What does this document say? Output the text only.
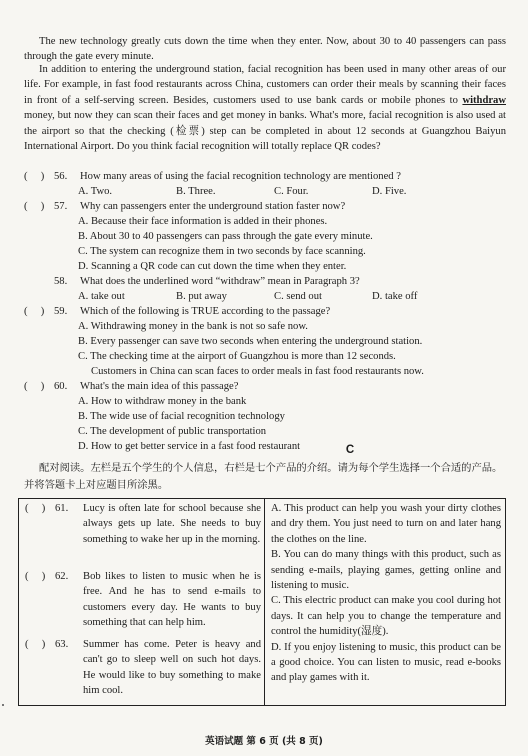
The new technology greatly cuts down the time when they enter. Now, about 30 to 40 passengers can pass through the gate every minute.

In addition to entering the underground station, facial recognition has been used in many other areas of our life. For example, in fast food restaurants across China, customers can order their meals by scanning their faces in front of a self-serving screen. Besides, customers used to use bank cards or mobile phones to withdraw money, but now they can scan their faces and get money in banks. What's more, facial recognition is also used at the airport so that the checking (检票) step can be completed in about 12 seconds at Guangzhou Baiyun International Airport. Do you think facial recognition will totally replace QR codes?

(　 ) 56. How many areas of using the facial recognition technology are mentioned ?
A. Two.	B. Three.	C. Four.	D. Five.
(　 ) 57. Why can passengers enter the underground station faster now?
A. Because their face information is added in their phones.
B. About 30 to 40 passengers can pass through the gate every minute.
C. The system can recognize them in two seconds by face scanning.
D. Scanning a QR code can cut down the time when they enter.
58. What does the underlined word “withdraw” mean in Paragraph 3?
A. take out	B. put away	C. send out	D. take off
(　 ) 59. Which of the following is TRUE according to the passage?
A. Withdrawing money in the bank is not so safe now.
B. Every passenger can save two seconds when entering the underground station.
C. The checking time at the airport of Guangzhou is more than 12 seconds.
Customers in China can scan faces to order meals in fast food restaurants now.
(　 ) 60. What's the main idea of this passage?
A. How to withdraw money in the bank
B. The wide use of facial recognition technology
C. The development of public transportation
D. How to get better service in a fast food restaurant	C
配对阅读。左栏是五个学生的个人信息，右栏是七个产品的介绍。请为每个学生选择一个合适的产品。并将答题卡上对应题目所涂黑。
(　 ) 61. Lucy is often late for school because she always gets up late. She needs to buy something to wake her up in the morning.
(　 ) 62. Bob likes to listen to music when he is free. And he has to send e-mails to customers every day. He wants to buy something that can help him.
(　 ) 63. Summer has come. Peter is heavy and can't go to sleep well on such hot days. He would like to buy something to make him cool.

A. This product can help you wash your dirty clothes and dry them. You just need to turn on and later hang the clothes on the line.

B. You can do many things with this product, such as sending e-mails, playing games, getting online and listening to music.

C. This electric product can make you cool during hot days. It can help you to change the temperature and control the humidity(湿度).

D. If you enjoy listening to music, this product can be a good choice. You can listen to music, read e-books and play games with it.

英语试题 第 6 页 (共 8 页)
